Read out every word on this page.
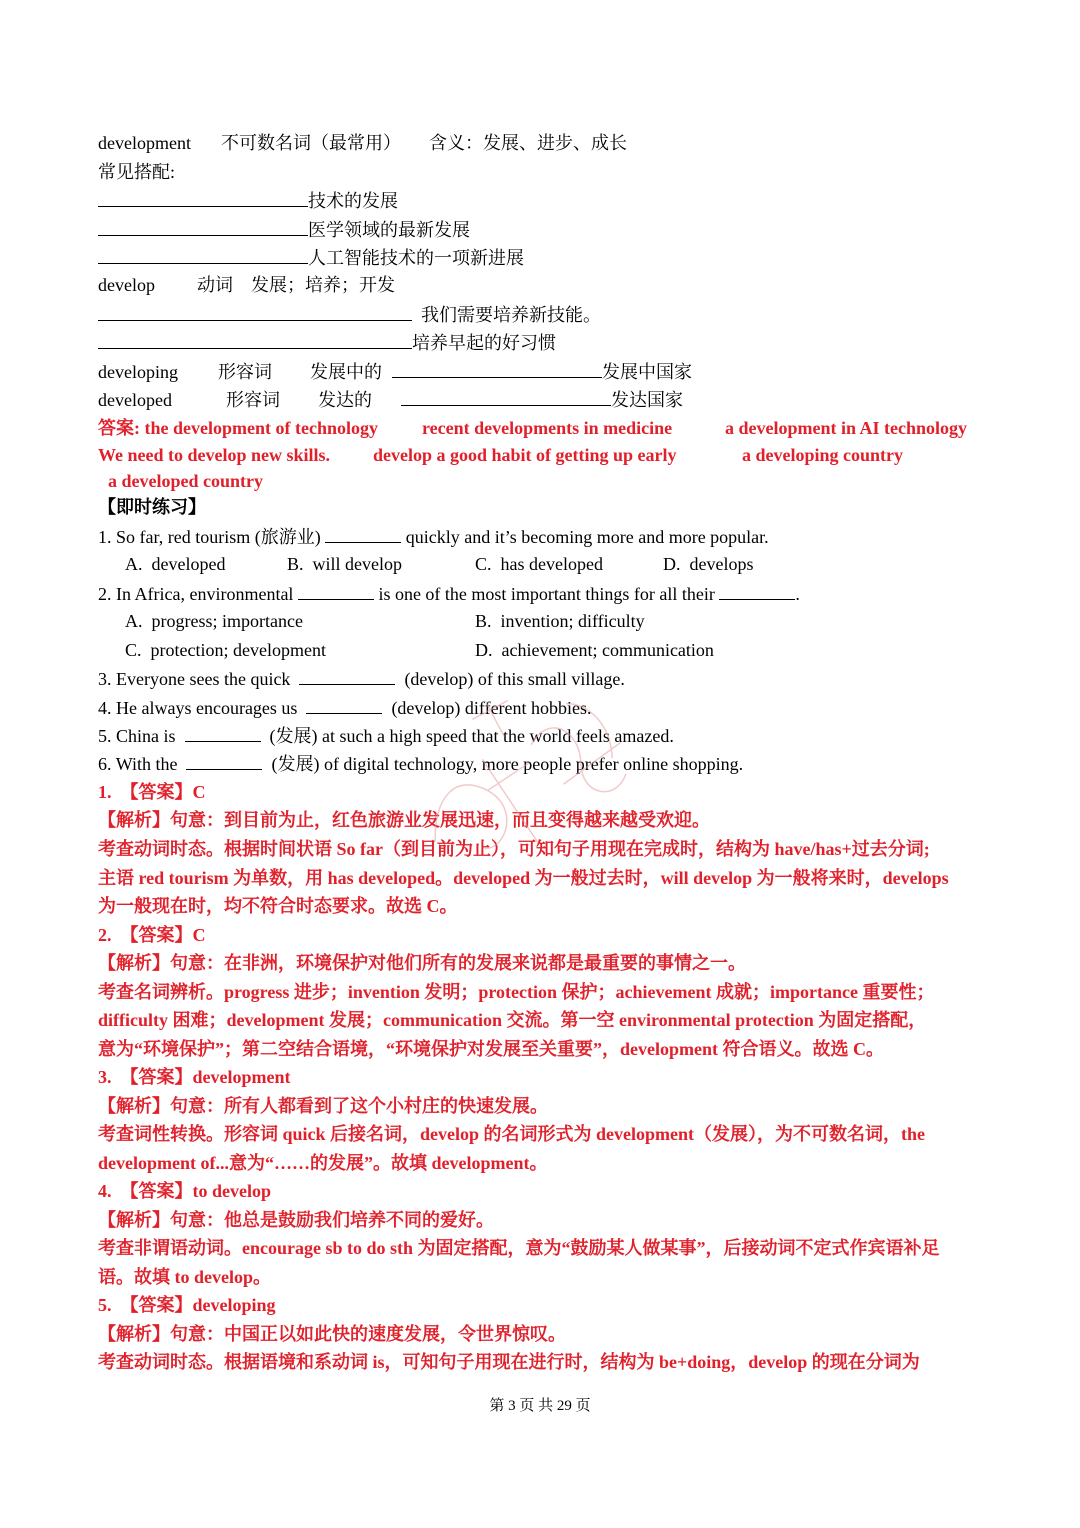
development 不可数名词（最常用） 含义：发展、进步、成长
常见搭配:
技术的发展
医学领域的最新发展
人工智能技术的一项新进展
develop 动词 发展；培养；开发
我们需要培养新技能。
培养早起的好习惯
developing 形容词 发展中的	发展中国家
developed	形容词 发达的	发达国家
答案: the development of technology recent developments in medicine	a development in AI technology
We need to develop new skills. develop a good habit of getting up early	a developing country
a developed country
【即时练习】
1. So far, red tourism (旅游业)	quickly and it’s becoming more and more popular.
A.  developed	B.  will develop	C.  has developed	D.  develops
2. In Africa, environmental	is one of the most important things for all their	.
A.  progress; importance	B.  invention; difficulty
C.  protection; development	D.  achievement; communication
3. Everyone sees the quick	(develop) of this small village.
4. He always encourages us	(develop) different hobbies.
5. China is	(发展) at such a high speed that the world feels amazed.
6. With the	(发展) of digital technology, more people prefer online shopping.
1.  【答案】C
【解析】句意：到目前为止，红色旅游业发展迅速，而且变得越来越受欢迎。
考查动词时态。根据时间状语 So far（到目前为止），可知句子用现在完成时，结构为 have/has+过去分词;
主语 red tourism 为单数，用 has developed。developed 为一般过去时，will develop 为一般将来时，develops
为一般现在时，均不符合时态要求。故选 C。
2.  【答案】C
【解析】句意：在非洲，环境保护对他们所有的发展来说都是最重要的事情之一。
考查名词辨析。progress 进步；invention 发明；protection 保护；achievement 成就；importance 重要性；
difficulty 困难；development 发展；communication 交流。第一空 environmental protection 为固定搭配，
意为“环境保护”；第二空结合语境，“环境保护对发展至关重要”，development 符合语义。故选 C。
3.  【答案】development
【解析】句意：所有人都看到了这个小村庄的快速发展。
考查词性转换。形容词 quick 后接名词，develop 的名词形式为 development（发展），为不可数名词，the
development of...意为“……的发展”。故填 development。
4.  【答案】to develop
【解析】句意：他总是鼓励我们培养不同的爱好。
考查非谓语动词。encourage sb to do sth 为固定搭配，意为“鼓励某人做某事”，后接动词不定式作宾语补足
语。故填 to develop。
5.  【答案】developing
【解析】句意：中国正以如此快的速度发展，令世界惊叹。
考查动词时态。根据语境和系动词 is，可知句子用现在进行时，结构为 be+doing，develop 的现在分词为
第 3 页 共 29 页
